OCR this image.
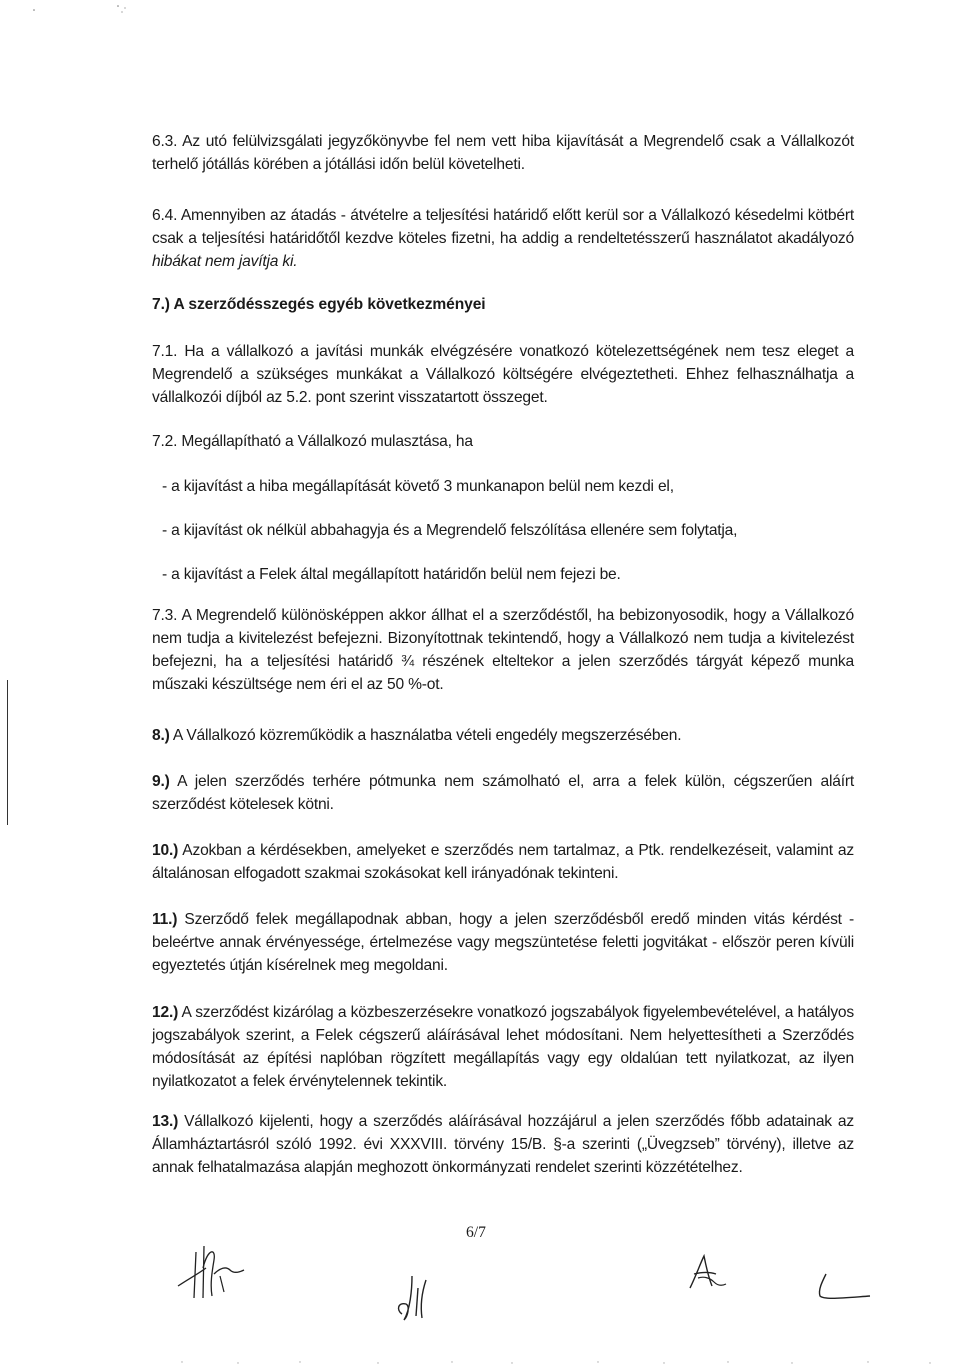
6.3. Az utó felülvizsgálati jegyzőkönyvbe fel nem vett hiba kijavítását a Megrendelő csak a Vállalkozót terhelő jótállás körében a jótállási időn belül követelheti.
6.4. Amennyiben az átadás - átvételre a teljesítési határidő előtt kerül sor a Vállalkozó késedelmi kötbért csak a teljesítési határidőtől kezdve köteles fizetni, ha addig a rendeltetésszerű használatot akadályozó hibákat nem javítja ki.
7.) A szerződésszegés egyéb következményei
7.1. Ha a vállalkozó a javítási munkák elvégzésére vonatkozó kötelezettségének nem tesz eleget a Megrendelő a szükséges munkákat a Vállalkozó költségére elvégeztetheti. Ehhez felhasználhatja a vállalkozói díjból az 5.2. pont szerint visszatartott összeget.
7.2. Megállapítható a Vállalkozó mulasztása, ha
- a kijavítást a hiba megállapítását követő 3 munkanapon belül nem kezdi el,
- a kijavítást ok nélkül abbahagyja és a Megrendelő felszólítása ellenére sem folytatja,
- a kijavítást a Felek által megállapított határidőn belül nem fejezi be.
7.3. A Megrendelő különösképpen akkor állhat el a szerződéstől, ha bebizonyosodik, hogy a Vállalkozó nem tudja a kivitelezést befejezni. Bizonyítottnak tekintendő, hogy a Vállalkozó nem tudja a kivitelezést befejezni, ha a teljesítési határidő ¾ részének elteltekor a jelen szerződés tárgyát képező munka műszaki készültsége nem éri el az 50 %-ot.
8.) A Vállalkozó közreműködik a használatba vételi engedély megszerzésében.
9.) A jelen szerződés terhére pótmunka nem számolható el, arra a felek külön, cégszerűen aláírt szerződést kötelesek kötni.
10.) Azokban a kérdésekben, amelyeket e szerződés nem tartalmaz, a Ptk. rendelkezéseit, valamint az általánosan elfogadott szakmai szokásokat kell irányadónak tekinteni.
11.) Szerződő felek megállapodnak abban, hogy a jelen szerződésből eredő minden vitás kérdést - beleértve annak érvényessége, értelmezése vagy megszüntetése feletti jogvitákat - először peren kívüli egyeztetés útján kísérelnek meg megoldani.
12.) A szerződést kizárólag a közbeszerzésekre vonatkozó jogszabályok figyelembevételével, a hatályos jogszabályok szerint, a Felek cégszerű aláírásával lehet módosítani. Nem helyettesítheti a Szerződés módosítását az építési naplóban rögzített megállapítás vagy egy oldalúan tett nyilatkozat, az ilyen nyilatkozatot a felek érvénytelennek tekintik.
13.) Vállalkozó kijelenti, hogy a szerződés aláírásával hozzájárul a jelen szerződés főbb adatainak az Államháztartásról szóló 1992. évi XXXVIII. törvény 15/B. §-a szerinti („Üvegzseb” törvény), illetve az annak felhatalmazása alapján meghozott önkormányzati rendelet szerinti közzétételhez.
6/7
